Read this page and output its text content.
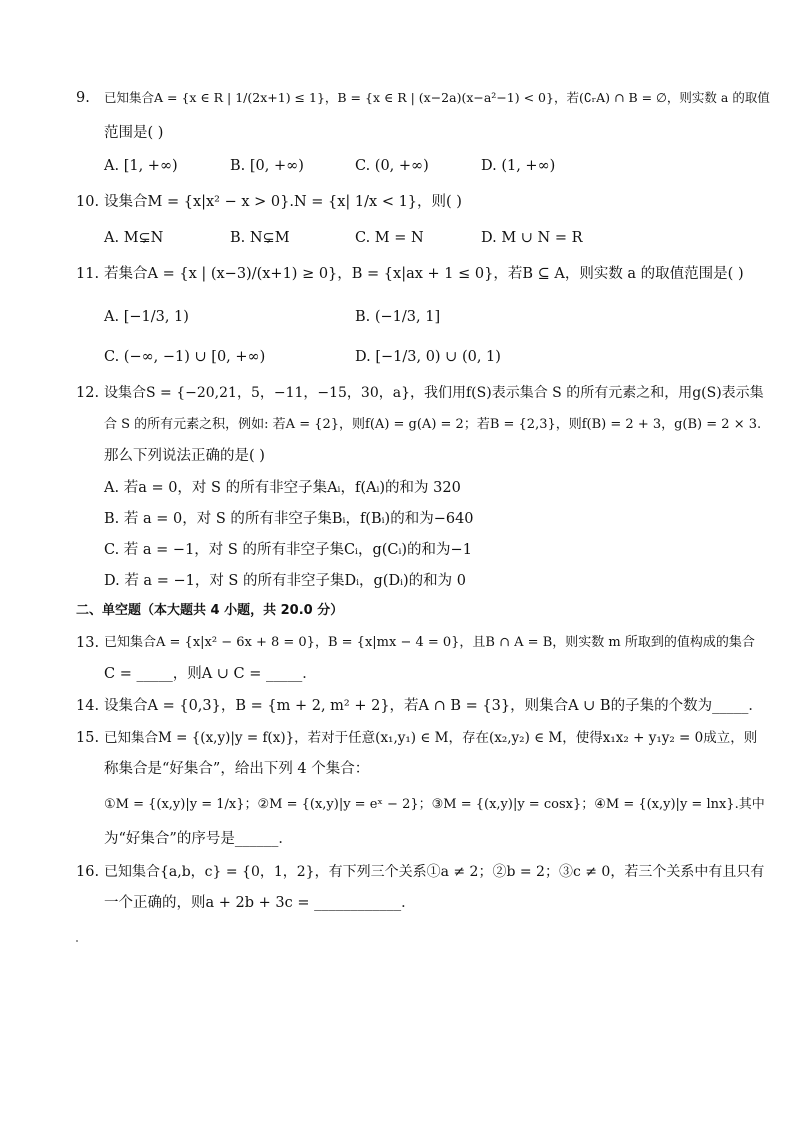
9. 已知集合A = {x ∈ R | 1/(2x+1) ≤ 1}，B = {x ∈ R | (x−2a)(x−a²−1) < 0}，若(∁ᵣA) ∩ B = ∅，则实数 a 的取值
范围是( )
A. [1, +∞)	B. [0, +∞)	C. (0, +∞)	D. (1, +∞)
10. 设集合M = {x|x² − x > 0}.N = {x| 1/x < 1}，则( )
A. M⊊N	B. N⊊M	C. M = N	D. M ∪ N = R
11. 若集合A = {x | (x−3)/(x+1) ≥ 0}，B = {x|ax + 1 ≤ 0}，若B ⊆ A，则实数 a 的取值范围是( )
A. [−1/3, 1)	B. (−1/3, 1]
C. (−∞, −1) ∪ [0, +∞)	D. [−1/3, 0) ∪ (0, 1)
12. 设集合S = {−20,21，5，−11，−15，30，a}，我们用f(S)表示集合 S 的所有元素之和，用g(S)表示集
合 S 的所有元素之积，例如: 若A = {2}，则f(A) = g(A) = 2；若B = {2,3}，则f(B) = 2 + 3，g(B) = 2 × 3.
那么下列说法正确的是( )
A. 若a = 0，对 S 的所有非空子集Aᵢ，f(Aᵢ)的和为 320
B. 若 a = 0，对 S 的所有非空子集Bᵢ，f(Bᵢ)的和为−640
C. 若 a = −1，对 S 的所有非空子集Cᵢ，g(Cᵢ)的和为−1
D. 若 a = −1，对 S 的所有非空子集Dᵢ，g(Dᵢ)的和为 0
二、单空题（本大题共 4 小题，共 20.0 分）
13. 已知集合A = {x|x² − 6x + 8 = 0}，B = {x|mx − 4 = 0}，且B ∩ A = B，则实数 m 所取到的值构成的集合
C = _____，则A ∪ C = _____．
14. 设集合A = {0,3}，B = {m + 2, m² + 2}，若A ∩ B = {3}，则集合A ∪ B的子集的个数为_____．
15. 已知集合M = {(x,y)|y = f(x)}，若对于任意(x₁,y₁) ∈ M，存在(x₂,y₂) ∈ M，使得x₁x₂ + y₁y₂ = 0成立，则
称集合是“好集合”，给出下列 4 个集合：
①M = {(x,y)|y = 1/x}；②M = {(x,y)|y = eˣ − 2}；③M = {(x,y)|y = cosx}；④M = {(x,y)|y = lnx}.其中
为“好集合”的序号是______．
16. 已知集合{a,b，c} = {0，1，2}，有下列三个关系①a ≠ 2；②b = 2；③c ≠ 0，若三个关系中有且只有
一个正确的，则a + 2b + 3c = ____________．
